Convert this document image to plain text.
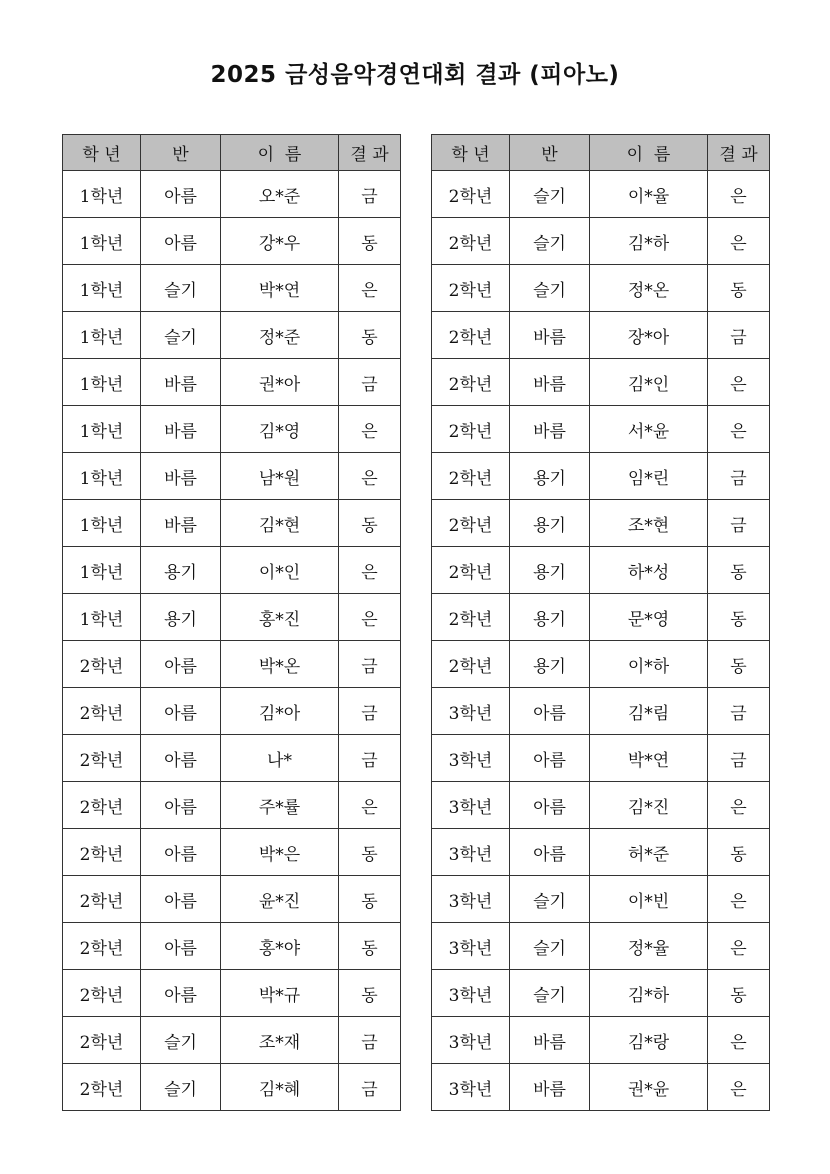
2025 금성음악경연대회 결과 (피아노)
학 년	반	이  름	결 과
1학년	아름	오*준	금
1학년	아름	강*우	동
1학년	슬기	박*연	은
1학년	슬기	정*준	동
1학년	바름	권*아	금
1학년	바름	김*영	은
1학년	바름	남*원	은
1학년	바름	김*현	동
1학년	용기	이*인	은
1학년	용기	홍*진	은
2학년	아름	박*온	금
2학년	아름	김*아	금
2학년	아름	나*	금
2학년	아름	주*률	은
2학년	아름	박*은	동
2학년	아름	윤*진	동
2학년	아름	홍*야	동
2학년	아름	박*규	동
2학년	슬기	조*재	금
2학년	슬기	김*혜	금
학 년	반	이  름	결 과
2학년	슬기	이*율	은
2학년	슬기	김*하	은
2학년	슬기	정*온	동
2학년	바름	장*아	금
2학년	바름	김*인	은
2학년	바름	서*윤	은
2학년	용기	임*린	금
2학년	용기	조*현	금
2학년	용기	하*성	동
2학년	용기	문*영	동
2학년	용기	이*하	동
3학년	아름	김*림	금
3학년	아름	박*연	금
3학년	아름	김*진	은
3학년	아름	허*준	동
3학년	슬기	이*빈	은
3학년	슬기	정*율	은
3학년	슬기	김*하	동
3학년	바름	김*랑	은
3학년	바름	권*윤	은
